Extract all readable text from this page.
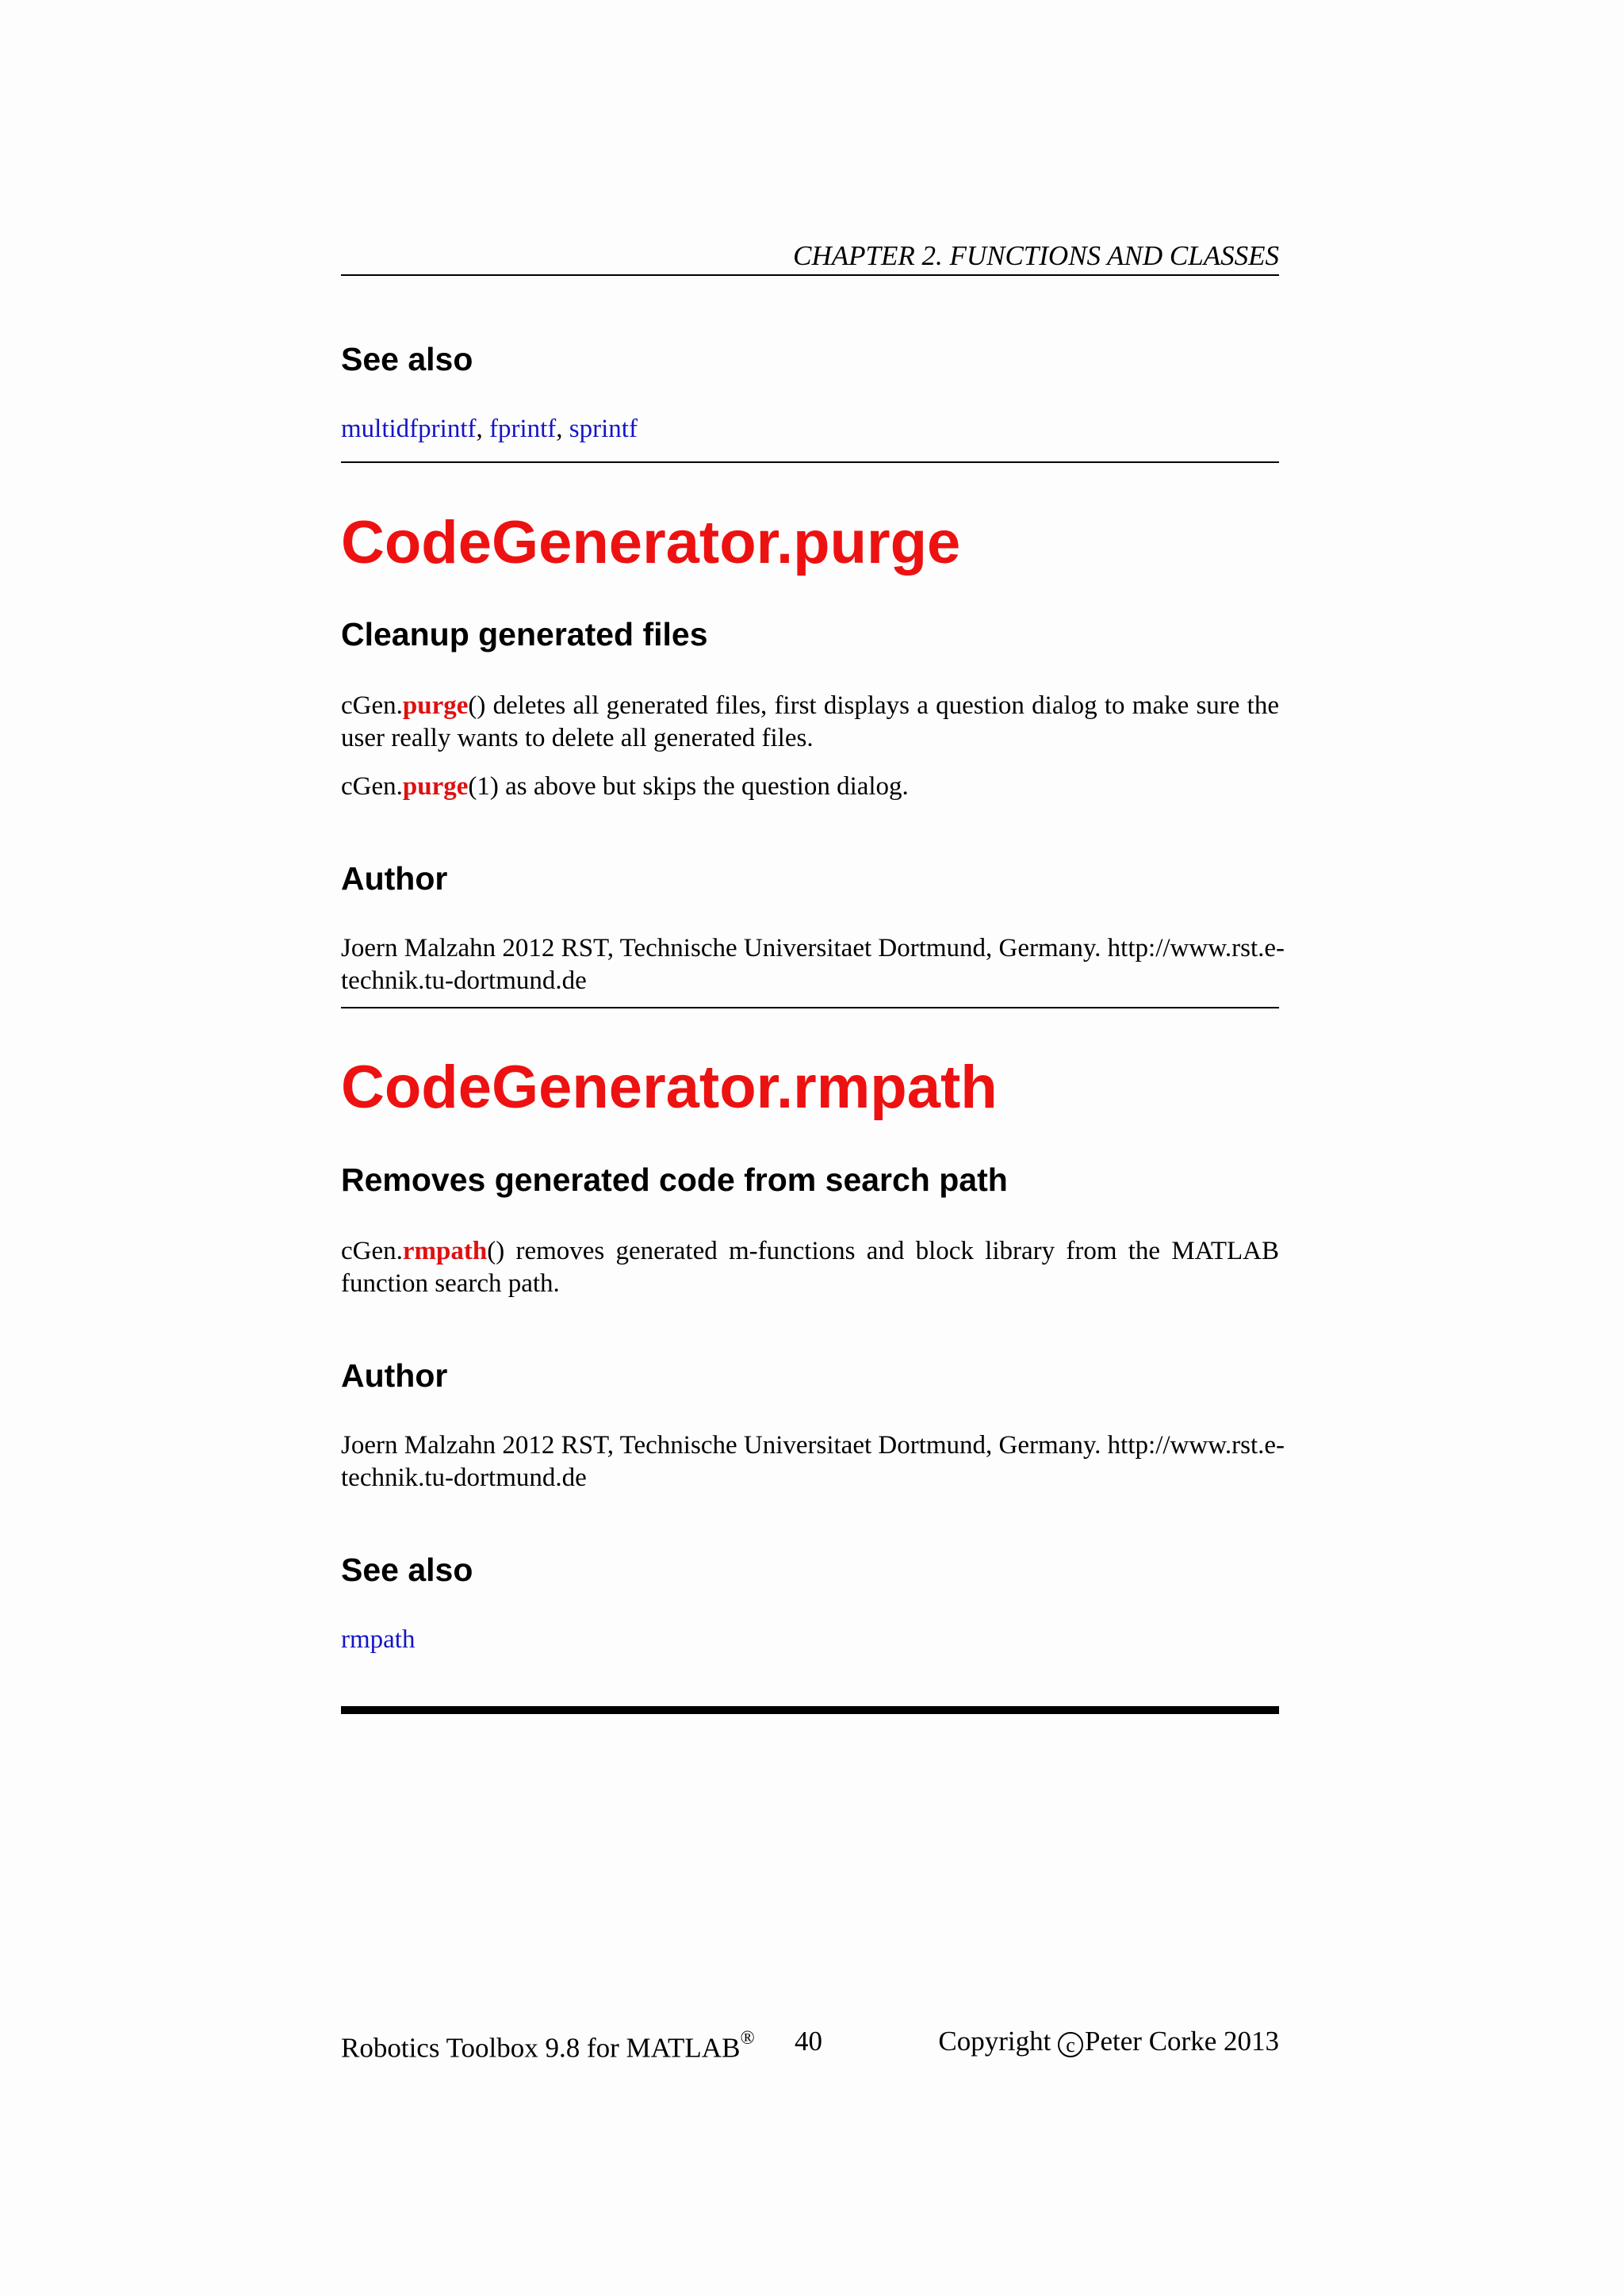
CHAPTER 2. FUNCTIONS AND CLASSES
See also

multidfprintf, fprintf, sprintf

CodeGenerator.purge
Cleanup generated files

cGen.purge() deletes all generated files, first displays a question dialog to make sure the user really wants to delete all generated files.

cGen.purge(1) as above but skips the question dialog.

Author

Joern Malzahn 2012 RST, Technische Universitaet Dortmund, Germany. http://www.rst.e-technik.tu-dortmund.de

CodeGenerator.rmpath
Removes generated code from search path

cGen.rmpath() removes generated m-functions and block library from the MATLAB function search path.

Author

Joern Malzahn 2012 RST, Technische Universitaet Dortmund, Germany. http://www.rst.e-technik.tu-dortmund.de

See also

rmpath

Robotics Toolbox 9.8 for MATLAB® 40	Copyright c Peter Corke 2013
